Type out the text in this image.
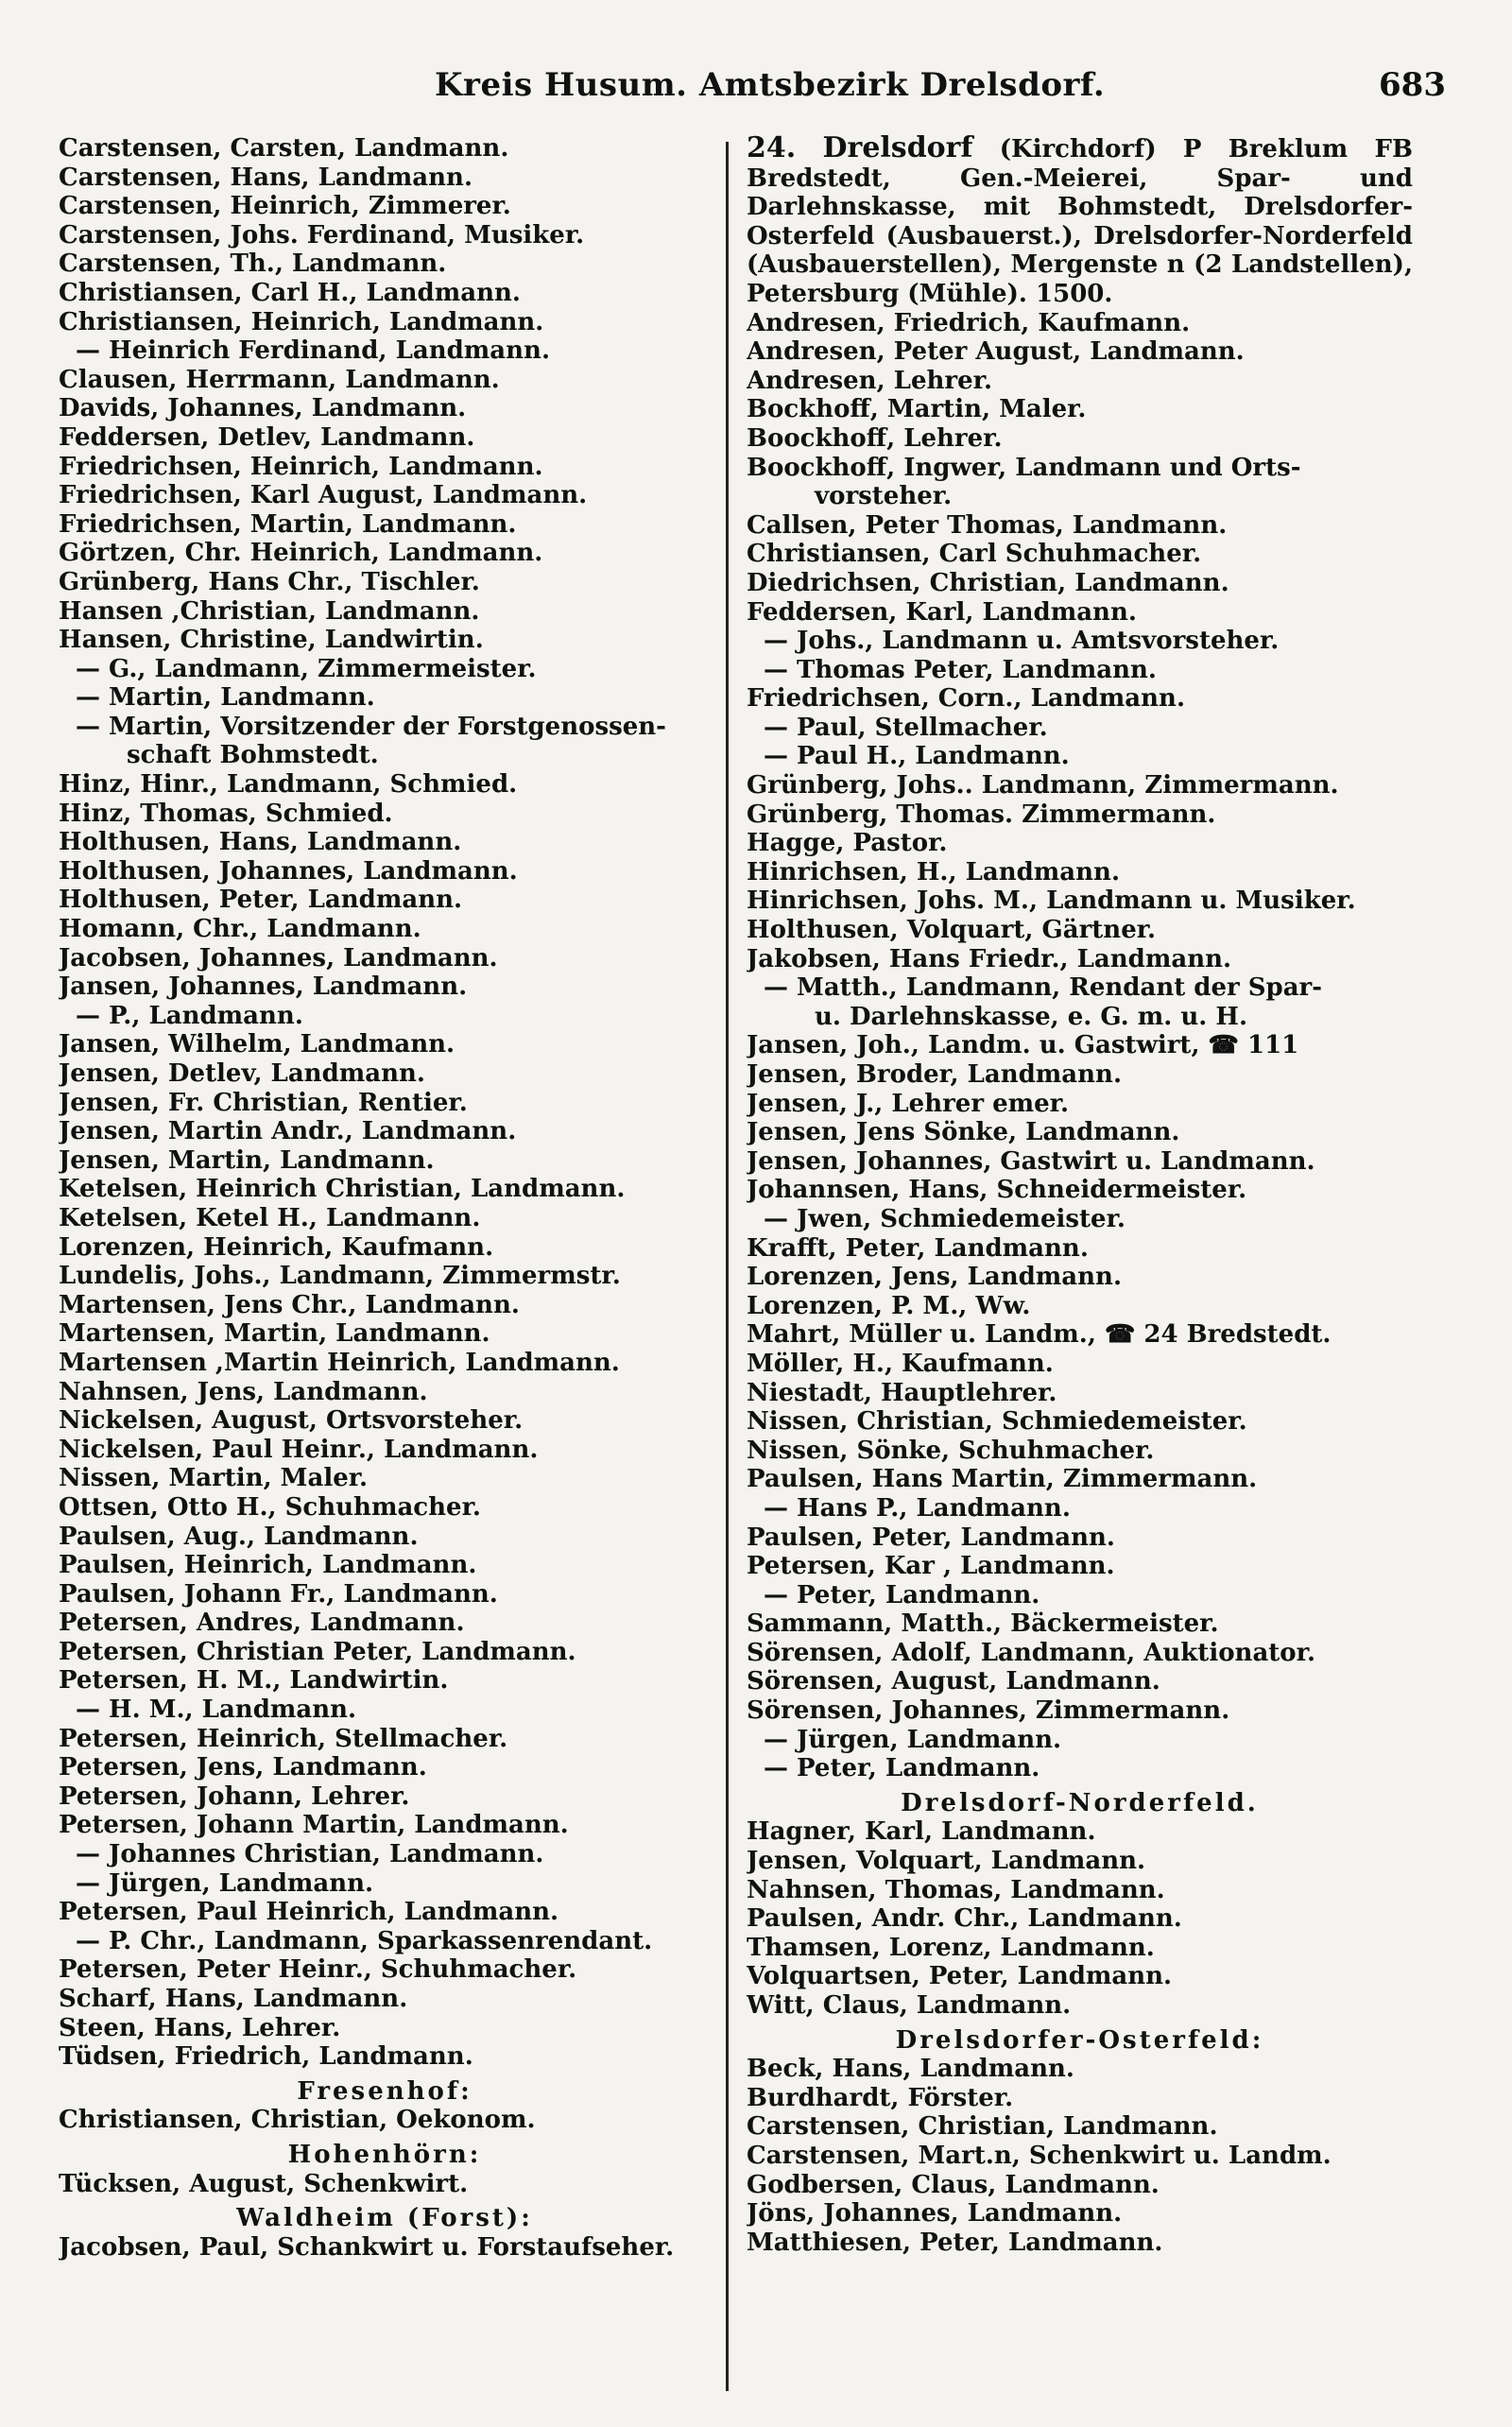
Kreis Husum. Amtsbezirk Drelsdorf.	683
Carstensen, Carsten, Landmann.
Carstensen, Hans, Landmann.
Carstensen, Heinrich, Zimmerer.
Carstensen, Johs. Ferdinand, Musiker.
Carstensen, Th., Landmann.
Christiansen, Carl H., Landmann.
Christiansen, Heinrich, Landmann.
— Heinrich Ferdinand, Landmann.
Clausen, Herrmann, Landmann.
Davids, Johannes, Landmann.
Feddersen, Detlev, Landmann.
Friedrichsen, Heinrich, Landmann.
Friedrichsen, Karl August, Landmann.
Friedrichsen, Martin, Landmann.
Görtzen, Chr. Heinrich, Landmann.
Grünberg, Hans Chr., Tischler.
Hansen ,Christian, Landmann.
Hansen, Christine, Landwirtin.
— G., Landmann, Zimmermeister.
— Martin, Landmann.
— Martin, Vorsitzender der Forstgenossen-
schaft Bohmstedt.
Hinz, Hinr., Landmann, Schmied.
Hinz, Thomas, Schmied.
Holthusen, Hans, Landmann.
Holthusen, Johannes, Landmann.
Holthusen, Peter, Landmann.
Homann, Chr., Landmann.
Jacobsen, Johannes, Landmann.
Jansen, Johannes, Landmann.
— P., Landmann.
Jansen, Wilhelm, Landmann.
Jensen, Detlev, Landmann.
Jensen, Fr. Christian, Rentier.
Jensen, Martin Andr., Landmann.
Jensen, Martin, Landmann.
Ketelsen, Heinrich Christian, Landmann.
Ketelsen, Ketel H., Landmann.
Lorenzen, Heinrich, Kaufmann.
Lundelis, Johs., Landmann, Zimmermstr.
Martensen, Jens Chr., Landmann.
Martensen, Martin, Landmann.
Martensen ,Martin Heinrich, Landmann.
Nahnsen, Jens, Landmann.
Nickelsen, August, Ortsvorsteher.
Nickelsen, Paul Heinr., Landmann.
Nissen, Martin, Maler.
Ottsen, Otto H., Schuhmacher.
Paulsen, Aug., Landmann.
Paulsen, Heinrich, Landmann.
Paulsen, Johann Fr., Landmann.
Petersen, Andres, Landmann.
Petersen, Christian Peter, Landmann.
Petersen, H. M., Landwirtin.
— H. M., Landmann.
Petersen, Heinrich, Stellmacher.
Petersen, Jens, Landmann.
Petersen, Johann, Lehrer.
Petersen, Johann Martin, Landmann.
— Johannes Christian, Landmann.
— Jürgen, Landmann.
Petersen, Paul Heinrich, Landmann.
— P. Chr., Landmann, Sparkassenrendant.
Petersen, Peter Heinr., Schuhmacher.
Scharf, Hans, Landmann.
Steen, Hans, Lehrer.
Tüdsen, Friedrich, Landmann.
Fresenhof:
Christiansen, Christian, Oekonom.
Hohenhörn:
Tücksen, August, Schenkwirt.
Waldheim (Forst):
Jacobsen, Paul, Schankwirt u. Forstaufseher.
24. Drelsdorf (Kirchdorf) P Breklum FB Bredstedt, Gen.-Meierei, Spar- und Darlehnskasse, mit Bohmstedt, Drelsdorfer-Osterfeld (Ausbauerst.), Drelsdorfer-Norderfeld (Ausbauerstellen), Mergenste n (2 Landstellen), Petersburg (Mühle). 1500.
Andresen, Friedrich, Kaufmann.
Andresen, Peter August, Landmann.
Andresen, Lehrer.
Bockhoff, Martin, Maler.
Boockhoff, Lehrer.
Boockhoff, Ingwer, Landmann und Orts-
vorsteher.
Callsen, Peter Thomas, Landmann.
Christiansen, Carl Schuhmacher.
Diedrichsen, Christian, Landmann.
Feddersen, Karl, Landmann.
— Johs., Landmann u. Amtsvorsteher.
— Thomas Peter, Landmann.
Friedrichsen, Corn., Landmann.
— Paul, Stellmacher.
— Paul H., Landmann.
Grünberg, Johs.. Landmann, Zimmermann.
Grünberg, Thomas. Zimmermann.
Hagge, Pastor.
Hinrichsen, H., Landmann.
Hinrichsen, Johs. M., Landmann u. Musiker.
Holthusen, Volquart, Gärtner.
Jakobsen, Hans Friedr., Landmann.
— Matth., Landmann, Rendant der Spar-
u. Darlehnskasse, e. G. m. u. H.
Jansen, Joh., Landm. u. Gastwirt, ☎ 111
Jensen, Broder, Landmann.
Jensen, J., Lehrer emer.
Jensen, Jens Sönke, Landmann.
Jensen, Johannes, Gastwirt u. Landmann.
Johannsen, Hans, Schneidermeister.
— Jwen, Schmiedemeister.
Krafft, Peter, Landmann.
Lorenzen, Jens, Landmann.
Lorenzen, P. M., Ww.
Mahrt, Müller u. Landm., ☎ 24 Bredstedt.
Möller, H., Kaufmann.
Niestadt, Hauptlehrer.
Nissen, Christian, Schmiedemeister.
Nissen, Sönke, Schuhmacher.
Paulsen, Hans Martin, Zimmermann.
— Hans P., Landmann.
Paulsen, Peter, Landmann.
Petersen, Kar , Landmann.
— Peter, Landmann.
Sammann, Matth., Bäckermeister.
Sörensen, Adolf, Landmann, Auktionator.
Sörensen, August, Landmann.
Sörensen, Johannes, Zimmermann.
— Jürgen, Landmann.
— Peter, Landmann.
Drelsdorf-Norderfeld.
Hagner, Karl, Landmann.
Jensen, Volquart, Landmann.
Nahnsen, Thomas, Landmann.
Paulsen, Andr. Chr., Landmann.
Thamsen, Lorenz, Landmann.
Volquartsen, Peter, Landmann.
Witt, Claus, Landmann.
Drelsdorfer-Osterfeld:
Beck, Hans, Landmann.
Burdhardt, Förster.
Carstensen, Christian, Landmann.
Carstensen, Mart.n, Schenkwirt u. Landm.
Godbersen, Claus, Landmann.
Jöns, Johannes, Landmann.
Matthiesen, Peter, Landmann.
